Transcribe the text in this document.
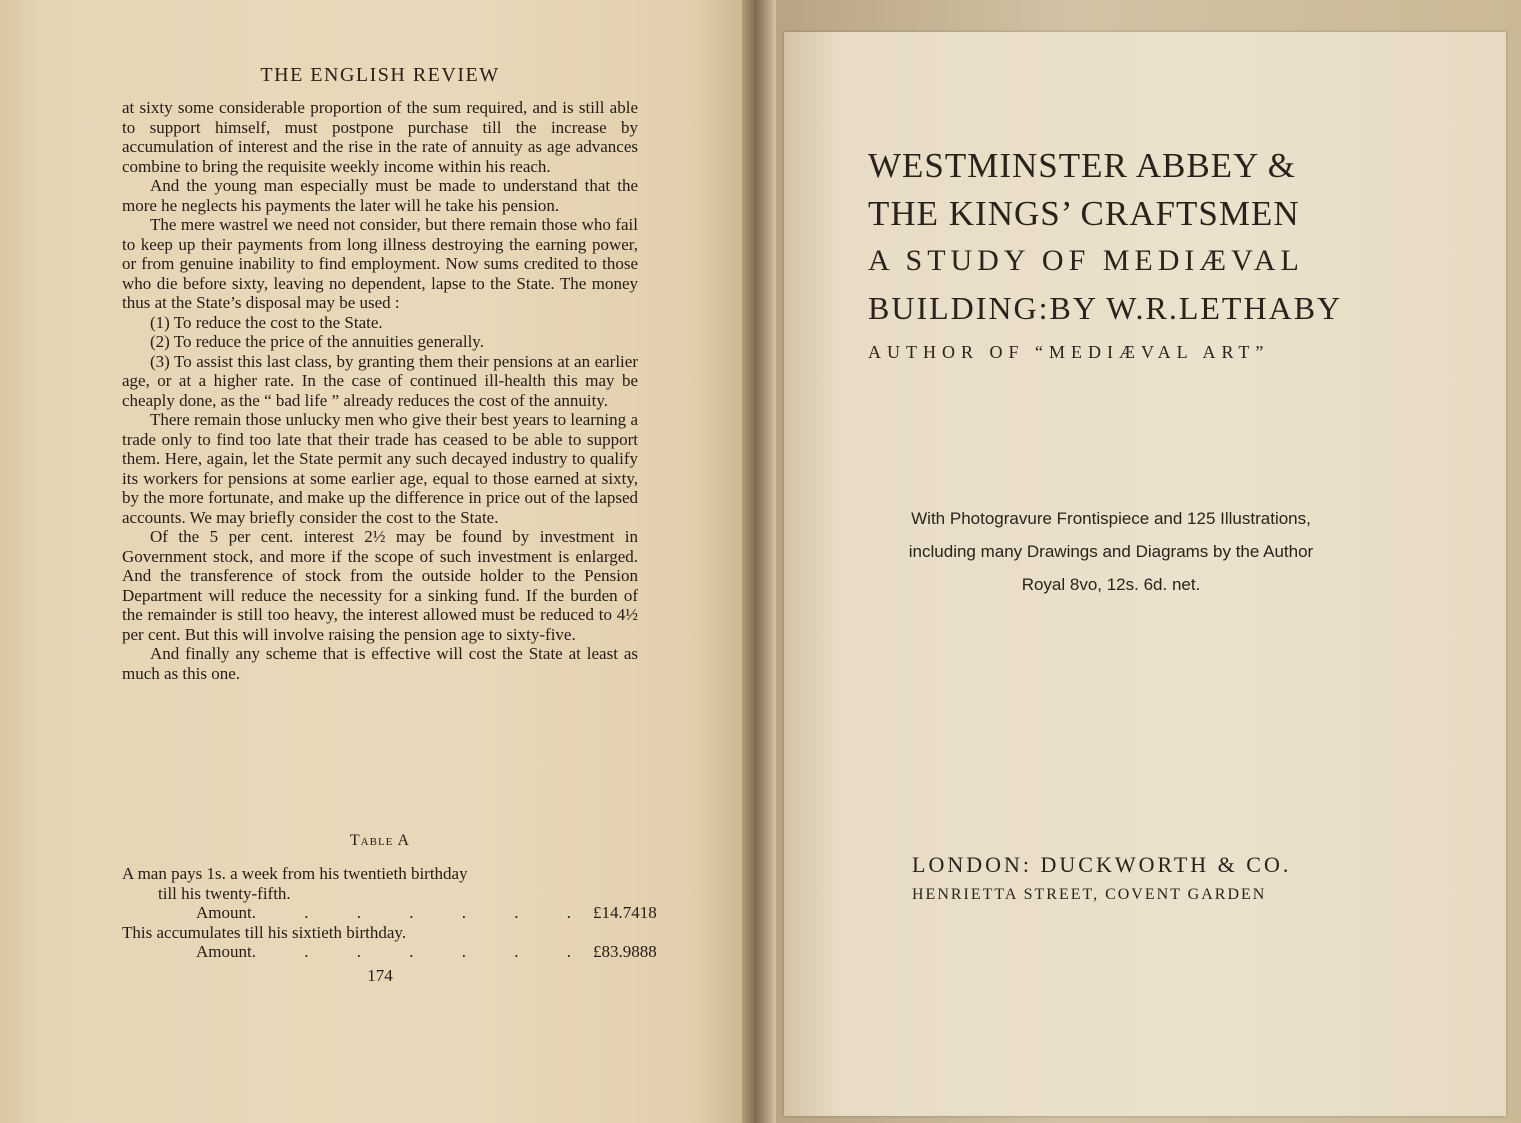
THE ENGLISH REVIEW

at sixty some considerable proportion of the sum required, and is still able to support himself, must postpone purchase till the increase by accumulation of interest and the rise in the rate of annuity as age advances combine to bring the requisite weekly income within his reach.

And the young man especially must be made to understand that the more he neglects his payments the later will he take his pension.

The mere wastrel we need not consider, but there remain those who fail to keep up their payments from long illness destroying the earning power, or from genuine inability to find employment. Now sums credited to those who die before sixty, leaving no dependent, lapse to the State. The money thus at the State’s disposal may be used :

(1) To reduce the cost to the State.

(2) To reduce the price of the annuities generally.

(3) To assist this last class, by granting them their pensions at an earlier age, or at a higher rate. In the case of continued ill-health this may be cheaply done, as the “ bad life ” already reduces the cost of the annuity.

There remain those unlucky men who give their best years to learning a trade only to find too late that their trade has ceased to be able to support them. Here, again, let the State permit any such decayed industry to qualify its workers for pensions at some earlier age, equal to those earned at sixty, by the more fortunate, and make up the difference in price out of the lapsed accounts. We may briefly consider the cost to the State.

Of the 5 per cent. interest 2½ may be found by investment in Government stock, and more if the scope of such investment is enlarged. And the transference of stock from the outside holder to the Pension Department will reduce the necessity for a sinking fund. If the burden of the remainder is still too heavy, the interest allowed must be reduced to 4½ per cent. But this will involve raising the pension age to sixty-five.

And finally any scheme that is effective will cost the State at least as much as this one.

Table A

A man pays 1s. a week from his twentieth birthday

till his twenty-fifth.

Amount . . . . . . . £14.7418

This accumulates till his sixtieth birthday.

Amount . . . . . . . £83.9888
174
WESTMINSTER ABBEY &
THE KINGS’ CRAFTSMEN
A STUDY OF MEDIÆVAL
BUILDING:BY W.R.LETHABY
AUTHOR OF “MEDIÆVAL ART”
With Photogravure Frontispiece and 125 Illustrations,
including many Drawings and Diagrams by the Author
Royal 8vo, 12s. 6d. net.
LONDON: DUCKWORTH & CO.
HENRIETTA STREET, COVENT GARDEN
